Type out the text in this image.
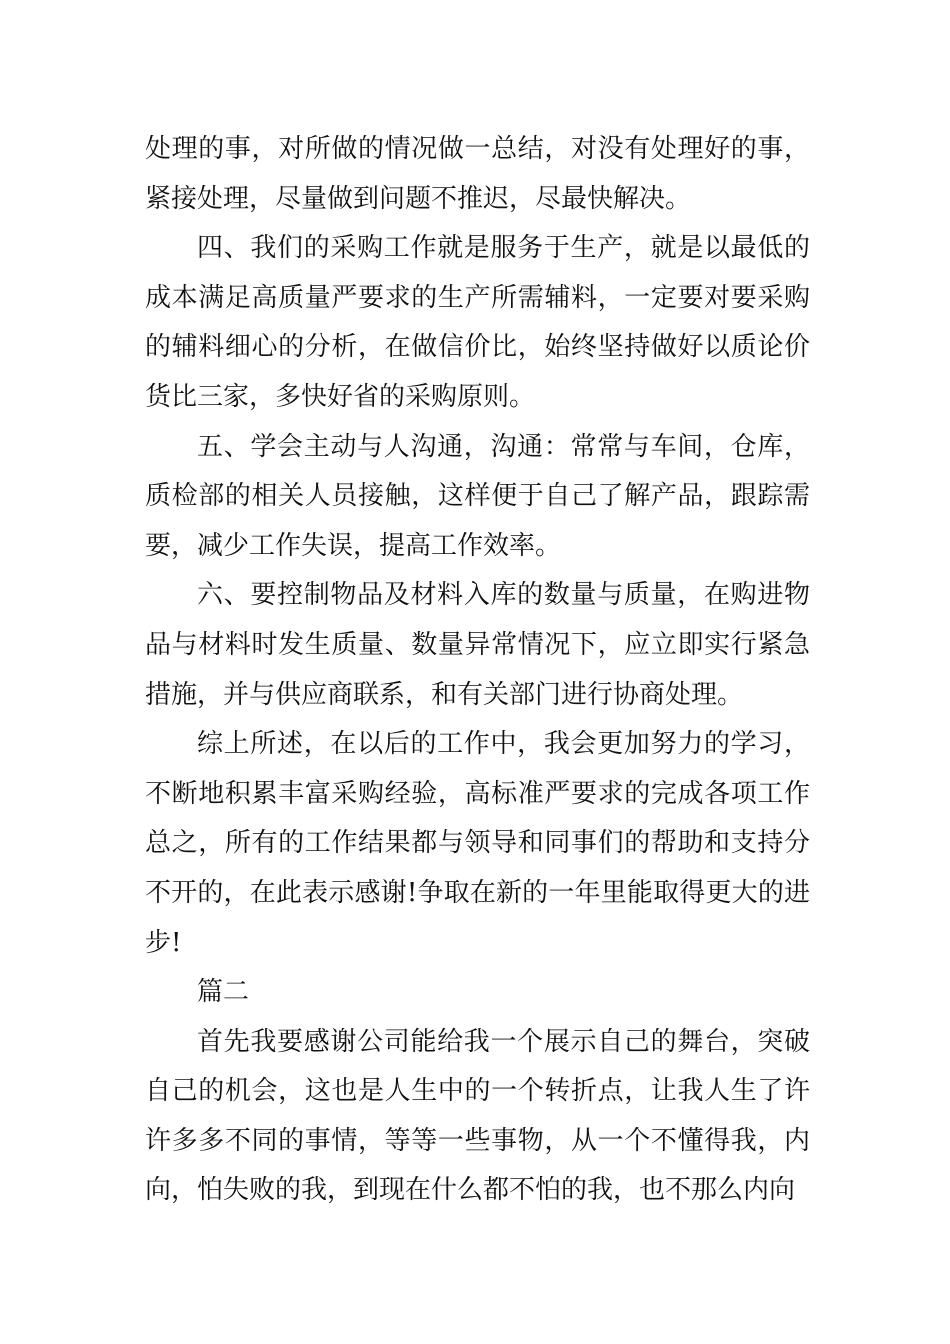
处理的事，对所做的情况做一总结，对没有处理好的事，紧接处理，尽量做到问题不推迟，尽最快解决。

四、我们的采购工作就是服务于生产，就是以最低的成本满足高质量严要求的生产所需辅料，一定要对要采购的辅料细心的分析，在做信价比，始终坚持做好以质论价货比三家，多快好省的采购原则。

五、学会主动与人沟通，沟通：常常与车间，仓库，质检部的相关人员接触，这样便于自己了解产品，跟踪需要，减少工作失误，提高工作效率。

六、要控制物品及材料入库的数量与质量，在购进物品与材料时发生质量、数量异常情况下，应立即实行紧急措施，并与供应商联系，和有关部门进行协商处理。

综上所述，在以后的工作中，我会更加努力的学习，不断地积累丰富采购经验，高标准严要求的完成各项工作总之，所有的工作结果都与领导和同事们的帮助和支持分不开的，在此表示感谢!争取在新的一年里能取得更大的进步!

篇二

首先我要感谢公司能给我一个展示自己的舞台，突破自己的机会，这也是人生中的一个转折点，让我人生了许许多多不同的事情，等等一些事物，从一个不懂得我，内向，怕失败的我，到现在什么都不怕的我，也不那么内向
